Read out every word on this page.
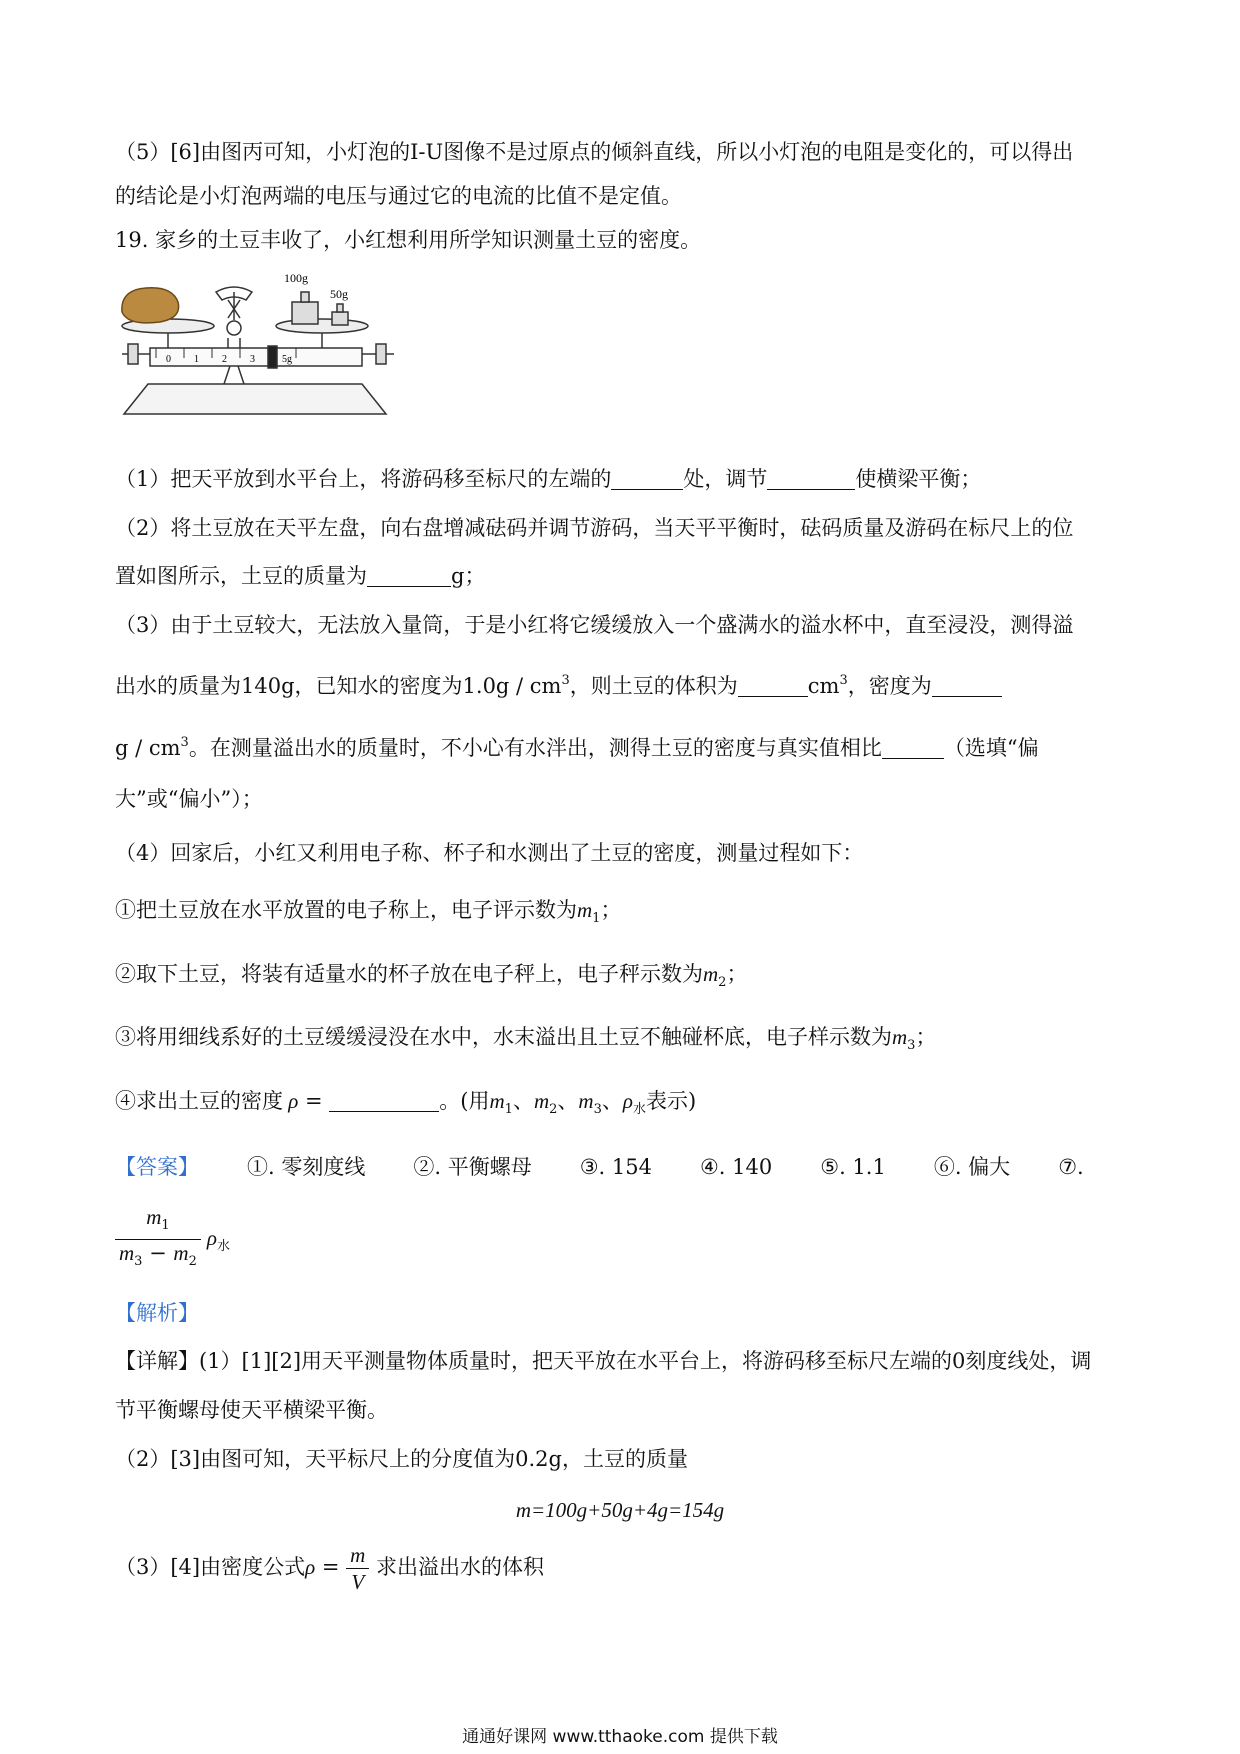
（5）[6]由图丙可知，小灯泡的I-U图像不是过原点的倾斜直线，所以小灯泡的电阻是变化的，可以得出
的结论是小灯泡两端的电压与通过它的电流的比值不是定值。
19. 家乡的土豆丰收了，小红想利用所学知识测量土豆的密度。
100g
50g
0 1 2 3	5g
（1）把天平放到水平台上，将游码移至标尺的左端的	处，调节	使横梁平衡；
（2）将土豆放在天平左盘，向右盘增减砝码并调节游码，当天平平衡时，砝码质量及游码在标尺上的位
置如图所示，土豆的质量为	g；
（3）由于土豆较大，无法放入量筒，于是小红将它缓缓放入一个盛满水的溢水杯中，直至浸没，测得溢
出水的质量为140g，已知水的密度为$1.0g / cm^3$，则土豆的体积为	$cm^3$，密度为
g / $cm^3$。在测量溢出水的质量时，不小心有水泮出，测得土豆的密度与真实值相比	（选填“偏
大”或“偏小”）；
（4）回家后，小红又利用电子称、杯子和水测出了土豆的密度，测量过程如下：
①把土豆放在水平放置的电子称上，电子评示数为$m_1$；
②取下土豆，将装有适量水的杯子放在电子秤上，电子秤示数为$m_2$；
③将用细线系好的土豆缓缓浸没在水中，水末溢出且土豆不触碰杯底，电子样示数为$m_3$；
④求出土豆的密度 ρ =	。(用$m_1$、$m_2$、$m_3$、$\rho_水$表示)
【答案】 ①. 零刻度线 ②. 平衡螺母 ③. 154 ④. 140 ⑤. 1.1 ⑥. 偏大 ⑦.
$\frac{m_1}{m_3 - m_2} \rho_水$
【解析】
【详解】(1）[1][2]用天平测量物体质量时，把天平放在水平台上，将游码移至标尺左端的0刻度线处，调
节平衡螺母使天平横梁平衡。
（2）[3]由图可知，天平标尺上的分度值为0.2g，土豆的质量
m=100g+50g+4g=154g
（3）[4]由密度公式$\rho = \frac{m}{V}$ 求出溢出水的体积
通通好课网 www.tthaoke.com 提供下载
